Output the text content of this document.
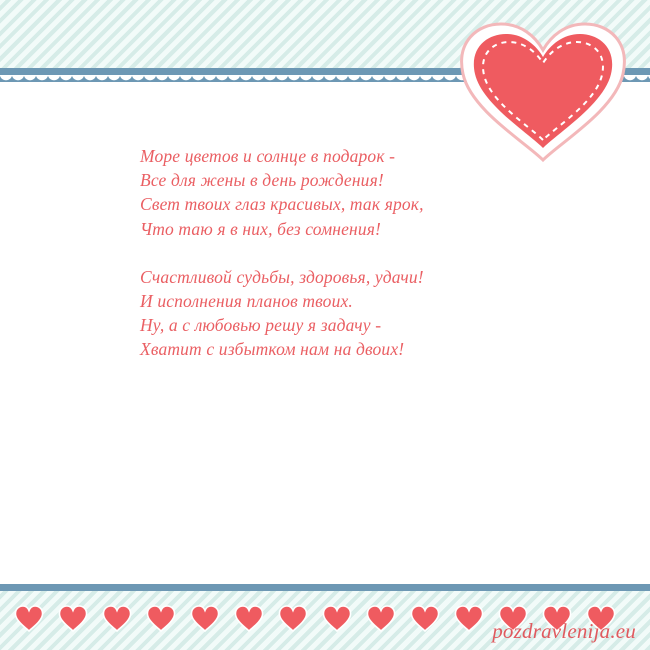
Море цветов и солнце в подарок -
Все для жены в день рождения!
Свет твоих глаз красивых, так ярок,
Что таю я в них, без сомнения!
Счастливой судьбы, здоровья, удачи!
И исполнения планов твоих.
Ну, а с любовью решу я задачу -
Хватит с избытком нам на двоих!
pozdravlenija.eu
